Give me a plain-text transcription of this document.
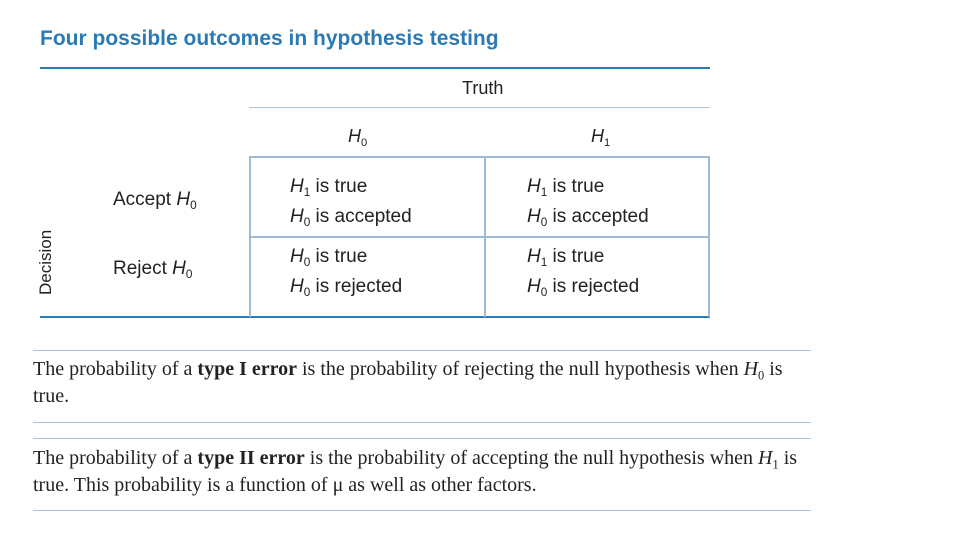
Four possible outcomes in hypothesis testing
Truth
$H_0$	$H_1$
Decision
Accept $H_0$
Reject $H_0$
$H_1$ is true
$H_0$ is accepted
$H_1$ is true
$H_0$ is accepted
$H_0$ is true
$H_0$ is rejected
$H_1$ is true
$H_0$ is rejected
The probability of a type I error is the probability of rejecting the null hypothesis when $H_0$ is true.
The probability of a type II error is the probability of accepting the null hypothesis when $H_1$ is true. This probability is a function of μ as well as other factors.
